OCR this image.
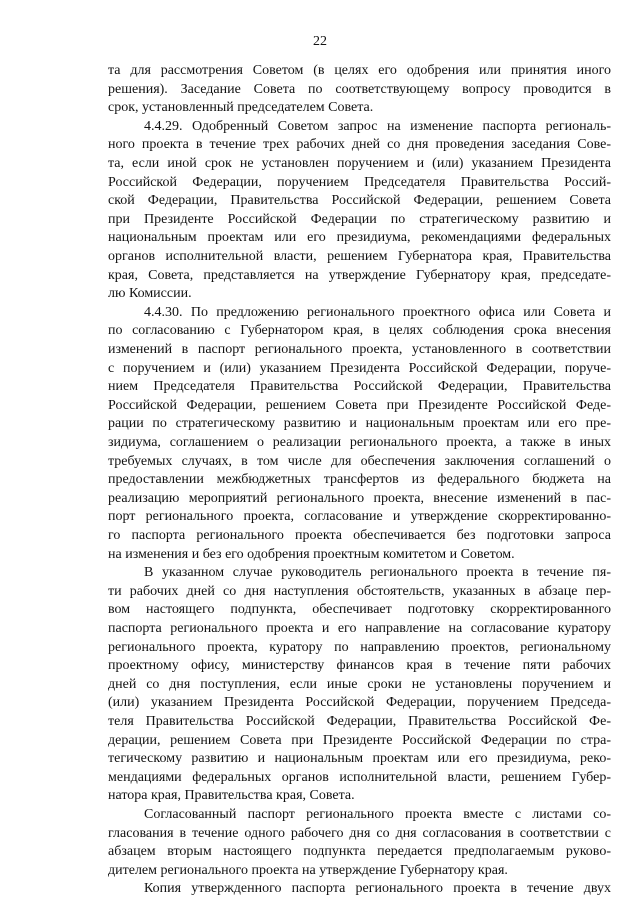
22
та для рассмотрения Советом (в целях его одобрения или принятия иного
решения). Заседание Совета по соответствующему вопросу проводится в
срок, установленный председателем Совета.
4.4.29. Одобренный Советом запрос на изменение паспорта региональ-
ного проекта в течение трех рабочих дней со дня проведения заседания Сове-
та, если иной срок не установлен поручением и (или) указанием Президента
Российской Федерации, поручением Председателя Правительства Россий-
ской Федерации, Правительства Российской Федерации, решением Совета
при Президенте Российской Федерации по стратегическому развитию и
национальным проектам или его президиума, рекомендациями федеральных
органов исполнительной власти, решением Губернатора края, Правительства
края, Совета, представляется на утверждение Губернатору края, председате-
лю Комиссии.
4.4.30. По предложению регионального проектного офиса или Совета и
по согласованию с Губернатором края, в целях соблюдения срока внесения
изменений в паспорт регионального проекта, установленного в соответствии
с поручением и (или) указанием Президента Российской Федерации, поруче-
нием Председателя Правительства Российской Федерации, Правительства
Российской Федерации, решением Совета при Президенте Российской Феде-
рации по стратегическому развитию и национальным проектам или его пре-
зидиума, соглашением о реализации регионального проекта, а также в иных
требуемых случаях, в том числе для обеспечения заключения соглашений о
предоставлении межбюджетных трансфертов из федерального бюджета на
реализацию мероприятий регионального проекта, внесение изменений в пас-
порт регионального проекта, согласование и утверждение скорректированно-
го паспорта регионального проекта обеспечивается без подготовки запроса
на изменения и без его одобрения проектным комитетом и Советом.
В указанном случае руководитель регионального проекта в течение пя-
ти рабочих дней со дня наступления обстоятельств, указанных в абзаце пер-
вом настоящего подпункта, обеспечивает подготовку скорректированного
паспорта регионального проекта и его направление на согласование куратору
регионального проекта, куратору по направлению проектов, региональному
проектному офису, министерству финансов края в течение пяти рабочих
дней со дня поступления, если иные сроки не установлены поручением и
(или) указанием Президента Российской Федерации, поручением Председа-
теля Правительства Российской Федерации, Правительства Российской Фе-
дерации, решением Совета при Президенте Российской Федерации по стра-
тегическому развитию и национальным проектам или его президиума, реко-
мендациями федеральных органов исполнительной власти, решением Губер-
натора края, Правительства края, Совета.
Согласованный паспорт регионального проекта вместе с листами со-
гласования в течение одного рабочего дня со дня согласования в соответствии с
абзацем вторым настоящего подпункта передается предполагаемым руково-
дителем регионального проекта на утверждение Губернатору края.
Копия утвержденного паспорта регионального проекта в течение двух
